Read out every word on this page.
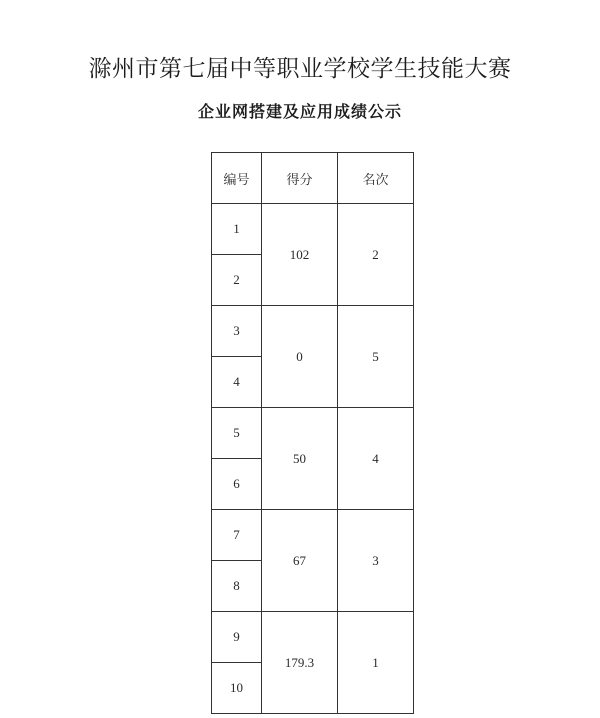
滁州市第七届中等职业学校学生技能大赛
企业网搭建及应用成绩公示
编号	得分	名次
1	102	2
2		
3	0	5
4		
5	50	4
6		
7	67	3
8		
9	179.3	1
10		
